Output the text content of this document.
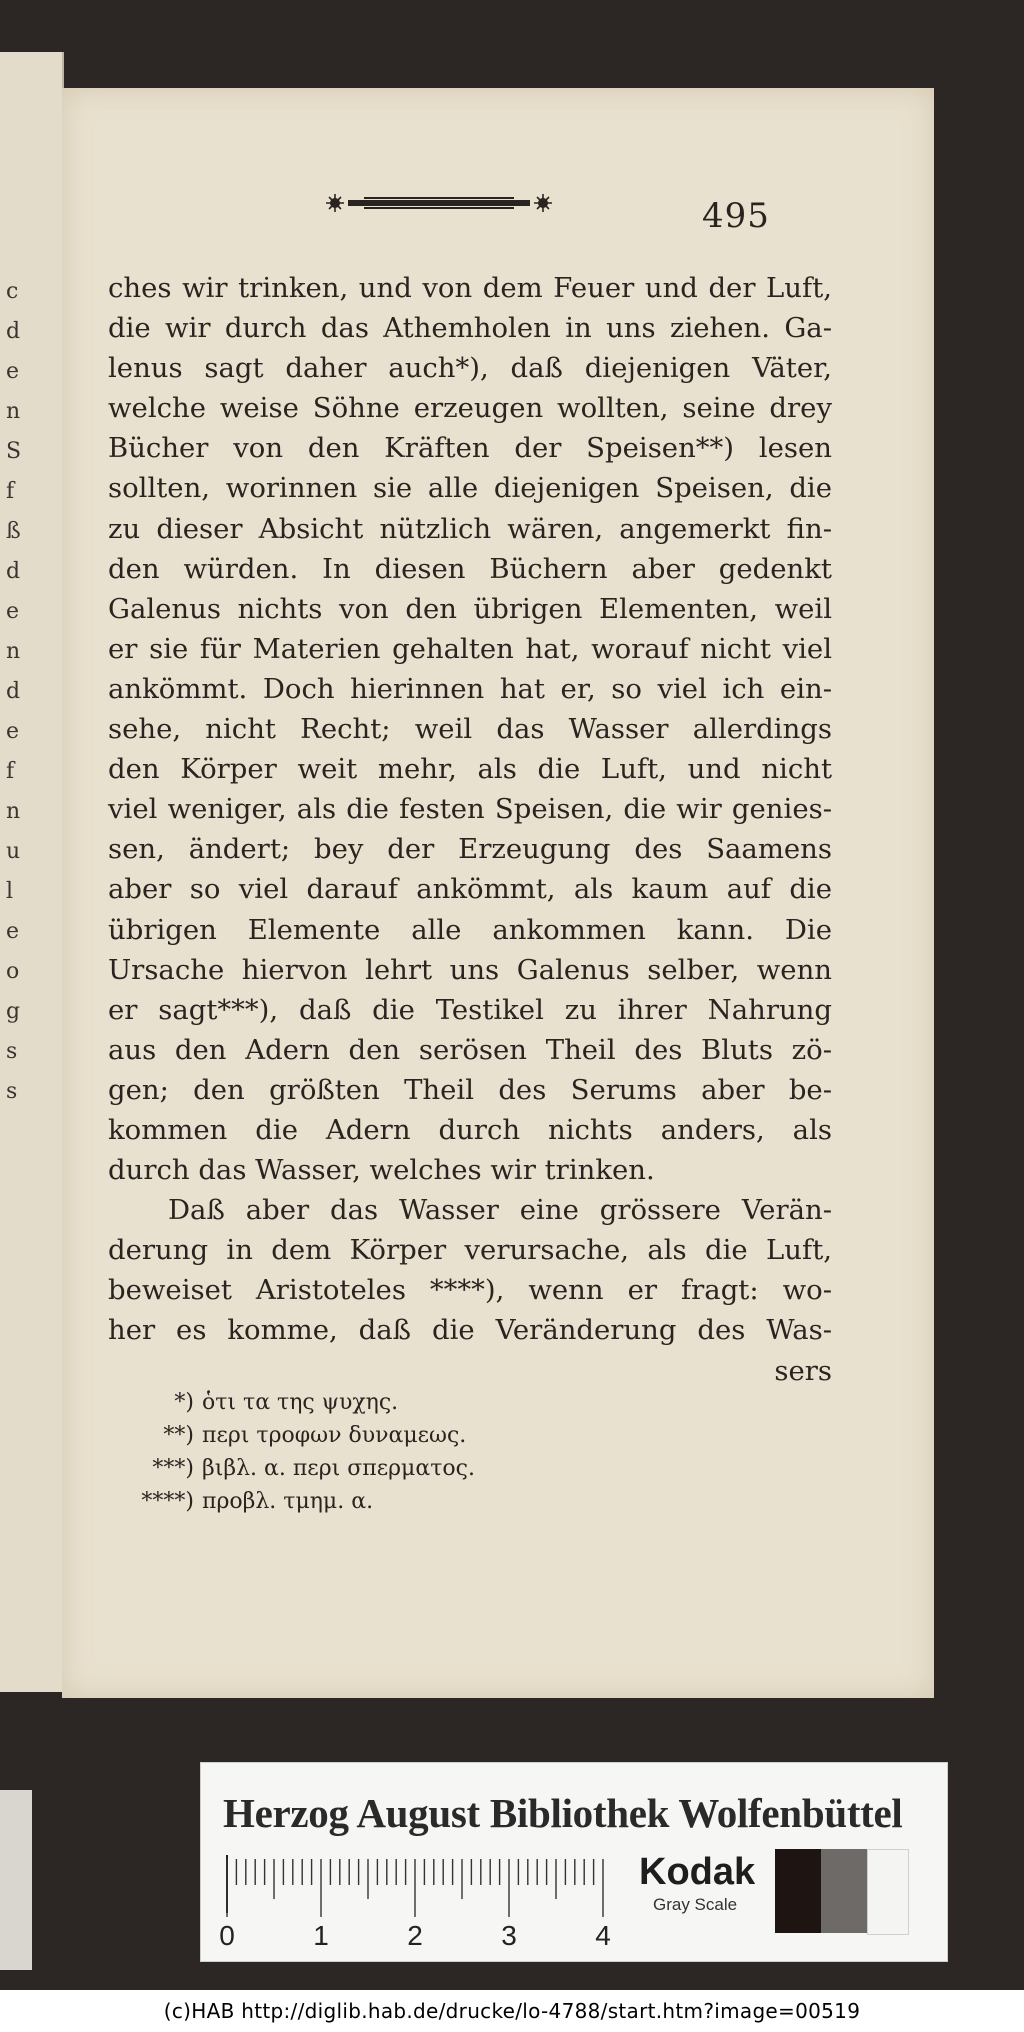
c
d
e
n
S
f
ß
d
e
n
d
e
f
n
u
l
e
o
g
s
s
495
ches wir trinken, und von dem Feuer und der Luft,
die wir durch das Athemholen in uns ziehen. Ga-
lenus sagt daher auch*), daß diejenigen Väter,
welche weise Söhne erzeugen wollten, seine drey
Bücher von den Kräften der Speisen**) lesen
sollten, worinnen sie alle diejenigen Speisen, die
zu dieser Absicht nützlich wären, angemerkt fin-
den würden. In diesen Büchern aber gedenkt
Galenus nichts von den übrigen Elementen, weil
er sie für Materien gehalten hat, worauf nicht viel
ankömmt. Doch hierinnen hat er, so viel ich ein-
sehe, nicht Recht; weil das Wasser allerdings
den Körper weit mehr, als die Luft, und nicht
viel weniger, als die festen Speisen, die wir genies-
sen, ändert; bey der Erzeugung des Saamens
aber so viel darauf ankömmt, als kaum auf die
übrigen Elemente alle ankommen kann. Die
Ursache hiervon lehrt uns Galenus selber, wenn
er sagt***), daß die Testikel zu ihrer Nahrung
aus den Adern den serösen Theil des Bluts zö-
gen; den größten Theil des Serums aber be-
kommen die Adern durch nichts anders, als
durch das Wasser, welches wir trinken.
Daß aber das Wasser eine grössere Verän-
derung in dem Körper verursache, als die Luft,
beweiset Aristoteles ****), wenn er fragt: wo-
her es komme, daß die Veränderung des Was-
sers
*) ὁτι τα της ψυχης.
**) περι τροφων δυναμεως.
***) βιβλ. α. περι σπερματος.
****) προβλ. τμημ. α.
Herzog August Bibliothek Wolfenbüttel
0	1	2	3	4
Kodak
Gray Scale
(c)HAB http://diglib.hab.de/drucke/lo-4788/start.htm?image=00519
